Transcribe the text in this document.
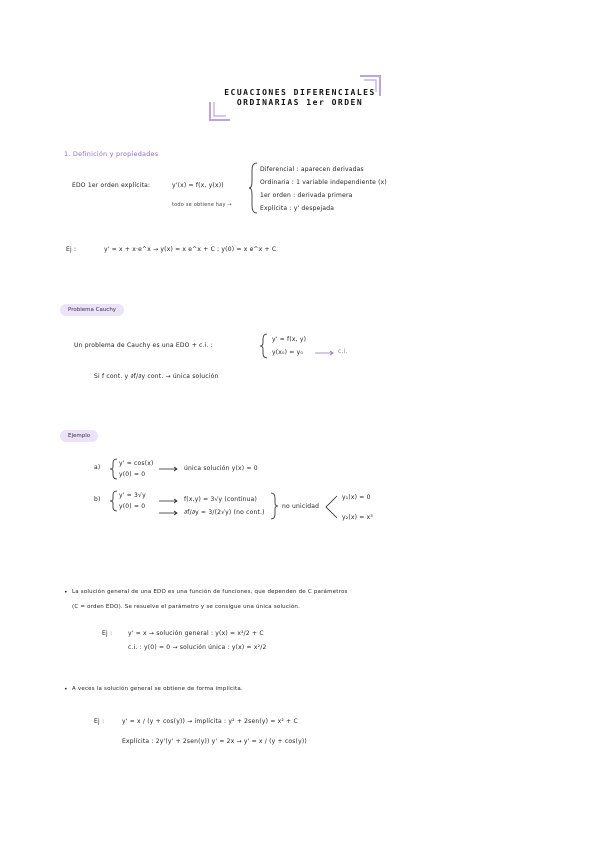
ECUACIONES DIFERENCIALES
ORDINARIAS 1er ORDEN
1. Definición y propiedades
EDO 1er orden explícita:	y'(x) = f(x, y(x))
todo se obtiene hay →
Diferencial : aparecen derivadas
Ordinaria : 1 variable independiente (x)
1er orden : derivada primera
Explícita : y' despejada
Ej :	y' = x + x·e^x → y(x) = x e^x + C ; y(0) = x e^x + C
Problema Cauchy
Un problema de Cauchy es una EDO + c.i. :
y' = f(x, y)
y(x₀) = y₀	c.i.
Si f cont. y ∂f/∂y cont. → única solución
Ejemplo
a)
y' = cos(x)
y(0) = 0
única solución y(x) = 0
b)
y' = 3√y
y(0) = 0
f(x,y) = 3√y (continua)
∂f/∂y = 3/(2√y) (no cont.)
no unicidad
y₁(x) = 0
y₂(x) = x³
• La solución general de una EDO es una función de funciones, que dependen de C parámetros
(C = orden EDO). Se resuelve el parámetro y se consigue una única solución.
Ej :	y' = x → solución general : y(x) = x²/2 + C
c.i. : y(0) = 0 → solución única : y(x) = x²/2
• A veces la solución general se obtiene de forma implícita.
Ej :	y' = x / (y + cos(y)) → implícita : y² + 2sen(y) = x² + C
Explícita : 2y'(y' + 2sen(y)) y' = 2x → y' = x / (y + cos(y))
